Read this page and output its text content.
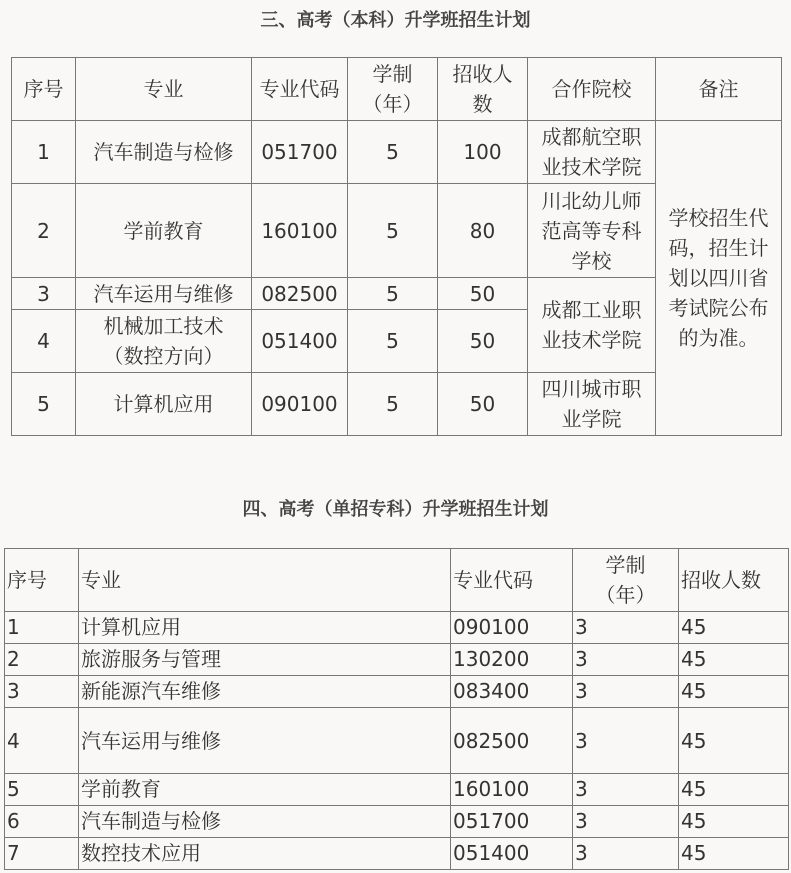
三、高考（本科）升学班招生计划
序号	专业	专业代码	学制（年）	招收人数	合作院校	备注
1	汽车制造与检修	051700	5	100	成都航空职业技术学院	学校招生代码，招生计划以四川省考试院公布的为准。
2	学前教育	160100	5	80	川北幼儿师范高等专科学校	
3	汽车运用与维修	082500	5	50	成都工业职业技术学院	
4	机械加工技术（数控方向）	051400	5	50		
5	计算机应用	090100	5	50	四川城市职业学院	
四、高考（单招专科）升学班招生计划
序号	专业	专业代码	学制（年）	招收人数
1	计算机应用	090100	3	45
2	旅游服务与管理	130200	3	45
3	新能源汽车维修	083400	3	45
4	汽车运用与维修	082500	3	45
5	学前教育	160100	3	45
6	汽车制造与检修	051700	3	45
7	数控技术应用	051400	3	45
